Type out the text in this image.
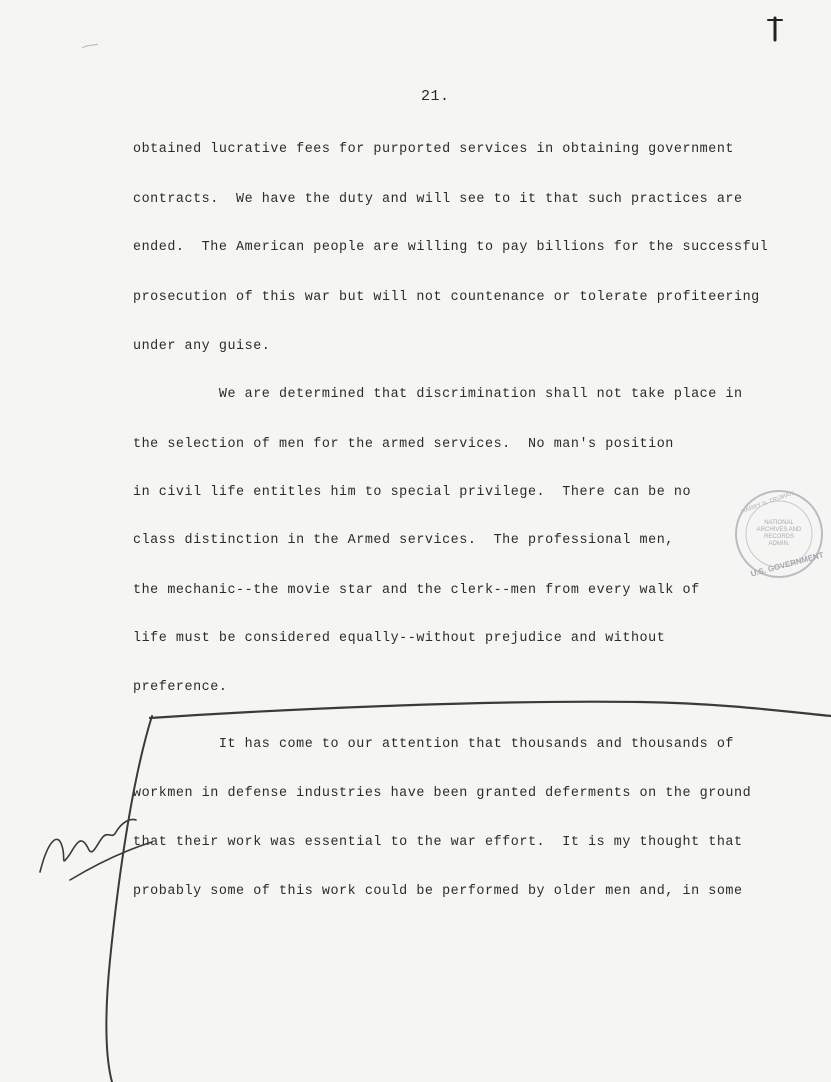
21.
obtained lucrative fees for purported services in obtaining government
contracts.  We have the duty and will see to it that such practices are
ended.  The American people are willing to pay billions for the successful
prosecution of this war but will not countenance or tolerate profiteering
under any guise.
We are determined that discrimination shall not take place in
the selection of men for the armed services.  No man's position
in civil life entitles him to special privilege.  There can be no
class distinction in the Armed services.  The professional men,
the mechanic--the movie star and the clerk--men from every walk of
life must be considered equally--without prejudice and without
preference.
It has come to our attention that thousands and thousands of
workmen in defense industries have been granted deferments on the ground
that their work was essential to the war effort.  It is my thought that
probably some of this work could be performed by older men and, in some
HARRY S. TRUMAN
NATIONAL
ARCHIVES AND
RECORDS
ADMIN.
U.S. GOVERNMENT
